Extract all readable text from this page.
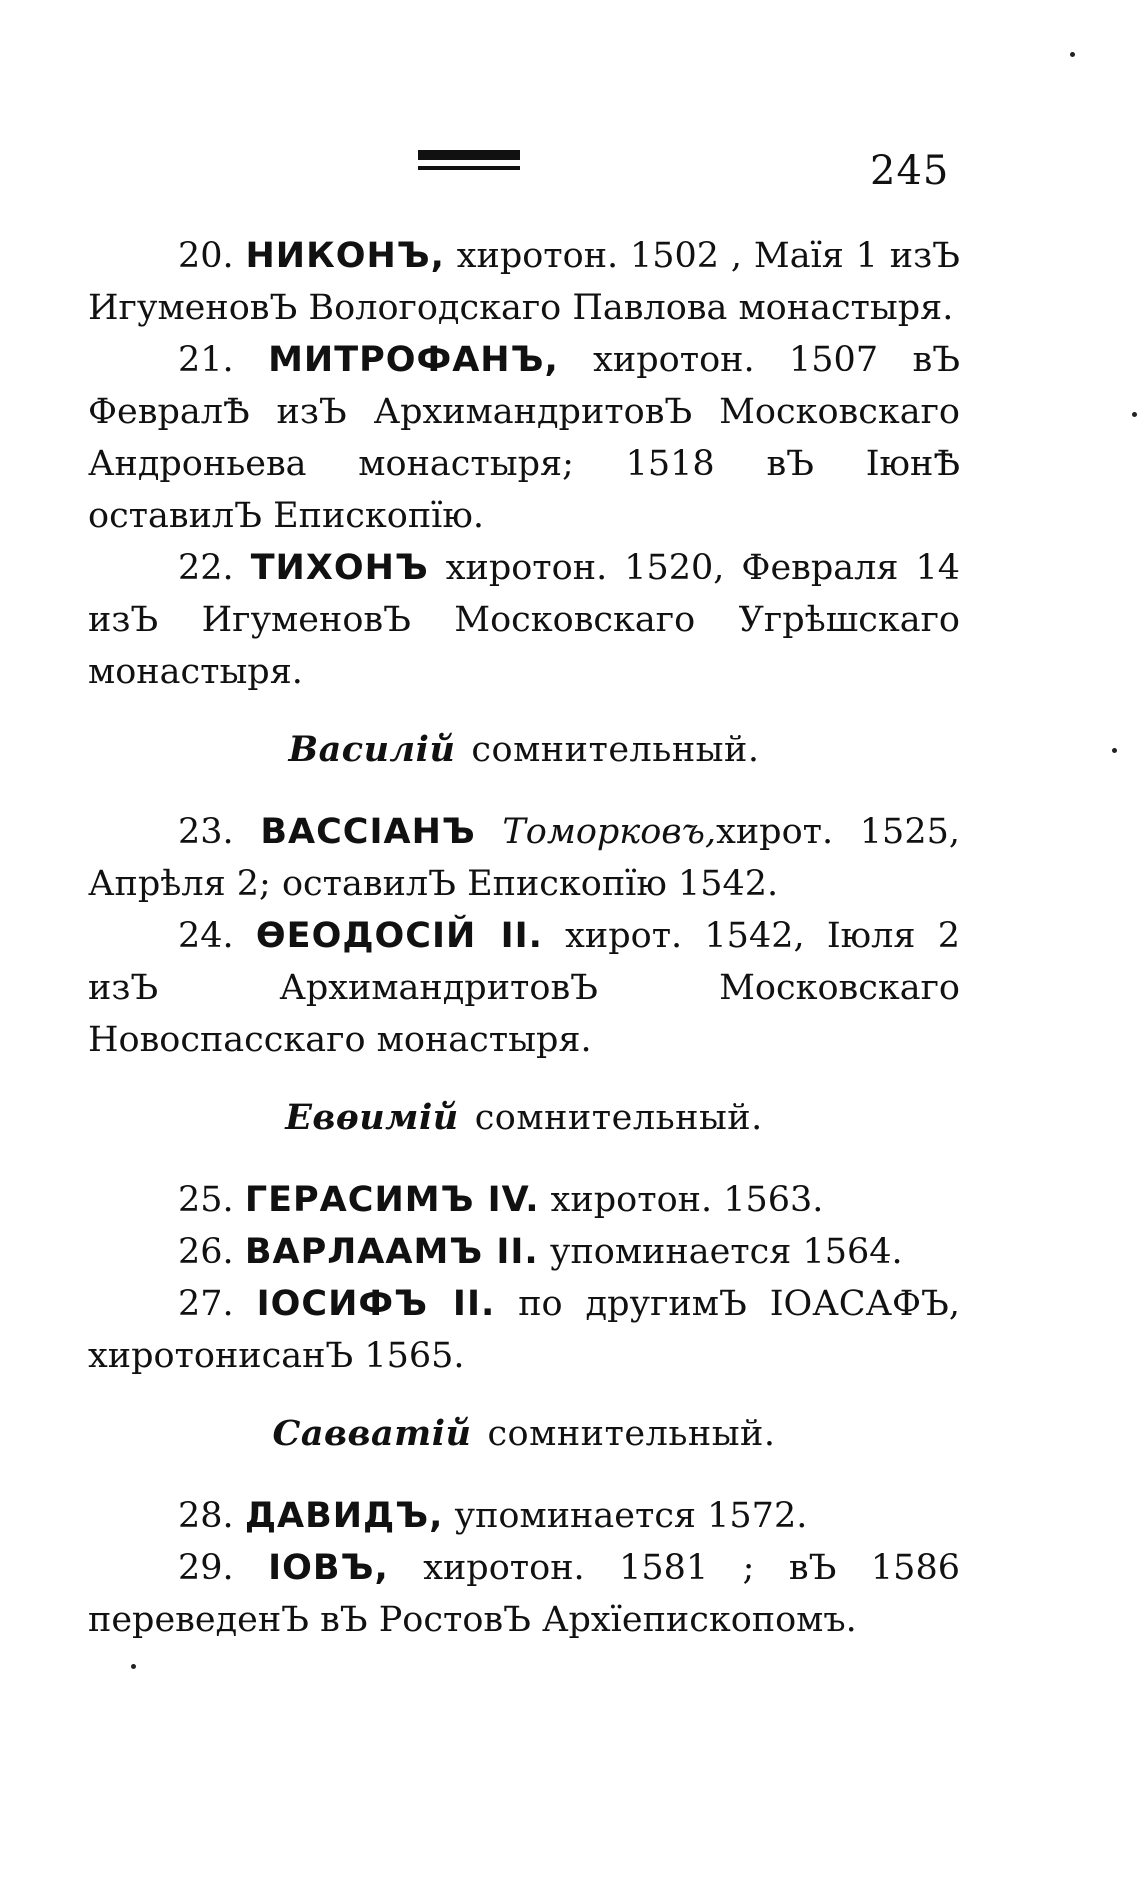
245

20. НИКОНЪ, хиротон. 1502 , Маїя 1 изЪ ИгуменовЪ Вологодскаго Павлова монастыря.

21. МИТРОФАНЪ, хиротон. 1507 вЪ ФевралѢ изЪ АрхимандритовЪ Московскаго Андроньева монастыря; 1518 вЪ ІюнѢ оставилЪ Епископїю.

22. ТИХОНЪ хиротон. 1520, Февраля 14 изЪ ИгуменовЪ Московскаго Угрѣшскаго монастыря.

Василій сомнительный.

23. ВАССІАНЪ Томорковъ,хирот. 1525, Апрѣля 2; оставилЪ Епископїю 1542.

24. ѲЕОДОСІЙ II. хирот. 1542, Іюля 2 изЪ АрхимандритовЪ Московскаго Новоспасскаго монастыря.

Евѳимій сомнительный.

25. ГЕРАСИМЪ IV. хиротон. 1563.

26. ВАРЛААМЪ II. упоминается 1564.

27. ІОСИФЪ II. по другимЪ ІОАСАФЪ, хиротонисанЪ 1565.

Савватій сомнительный.

28. ДАВИДЪ, упоминается 1572.

29. ІОВЪ, хиротон. 1581 ; вЪ 1586 переведенЪ вЪ РостовЪ Архїепископомъ.
